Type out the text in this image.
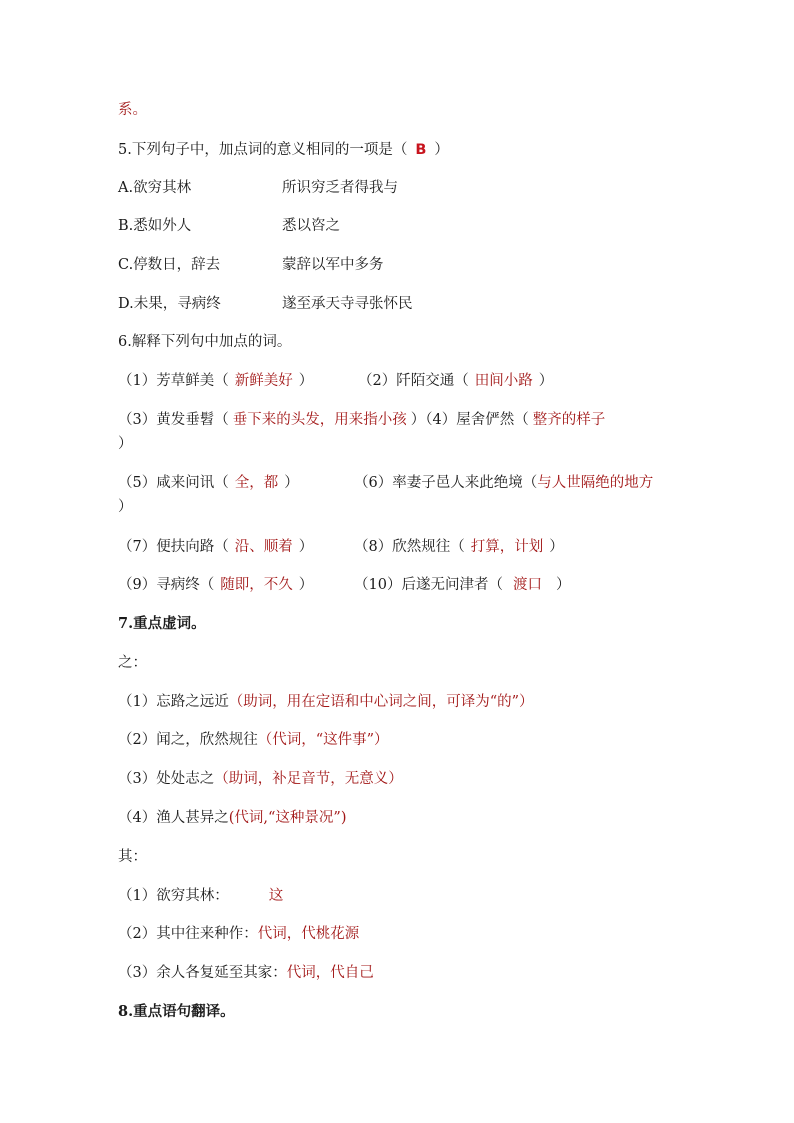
系。
5.下列句子中，加点词的意义相同的一项是（ B ）
A.欲穷其林	所识穷乏者得我与
B.悉如外人	悉以咨之
C.停数日，辞去	蒙辞以军中多务
D.未果，寻病终	遂至承天寺寻张怀民
6.解释下列句中加点的词。
（1）芳草鲜美（ 新鲜美好 ）	（2）阡陌交通（ 田间小路 ）
（3）黄发垂髫（ 垂下来的头发，用来指小孩 ）（4）屋舍俨然（ 整齐的样子
）
（5）咸来问讯（ 全，都 ）	（6）率妻子邑人来此绝境（与人世隔绝的地方
）
（7）便扶向路（ 沿、顺着 ）	（8）欣然规往（ 打算，计划 ）
（9）寻病终（ 随即，不久 ）	（10）后遂无问津者（ 渡口 ）
7.重点虚词。
之：
（1）忘路之远近（助词，用在定语和中心词之间，可译为“的”）
（2）闻之，欣然规往（代词，“这件事”）
（3）处处志之（助词，补足音节，无意义）
（4）渔人甚异之(代词,“这种景况”)
其：
（1）欲穷其林：	这
（2）其中往来种作：代词，代桃花源
（3）余人各复延至其家：代词，代自己
8.重点语句翻译。
